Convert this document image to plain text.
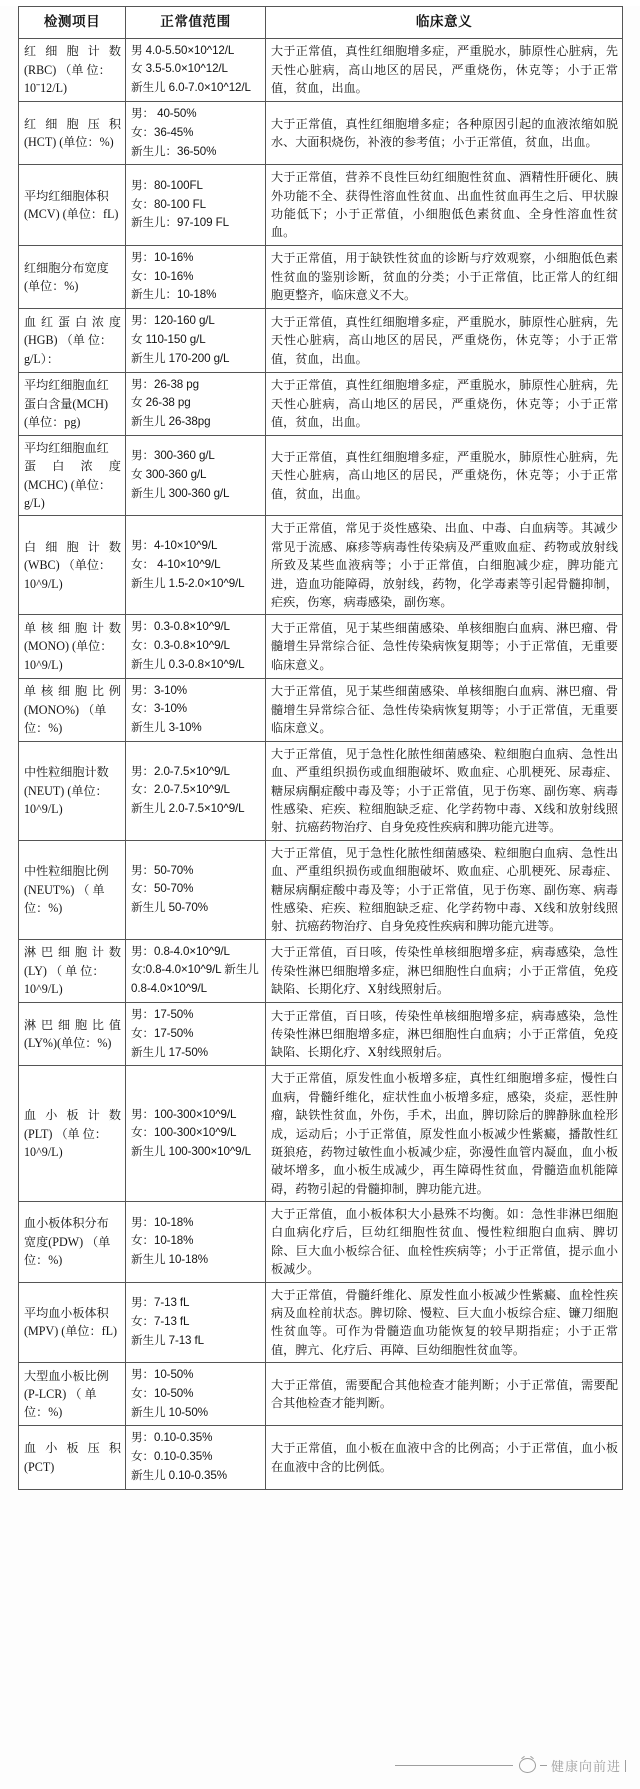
检测项目	正常值范围	临床意义

红 细 胞 计 数
(RBC) （单 位：
10ˉ12/L)	男 4.0-5.50×10^12/L
女 3.5-5.0×10^12/L
新生儿 6.0-7.0×10^12/L	大于正常值，真性红细胞增多症，严重脱水，肺原性心脏病，先天性心脏病，高山地区的居民，严重烧伤，休克等；小于正常值，贫血，出血。

红 细 胞 压 积
(HCT) (单位：%)	男： 40-50%
女：36-45%
新生儿：36-50%	大于正常值，真性红细胞增多症；各种原因引起的血液浓缩如脱水、大面积烧伤，补液的参考值；小于正常值，贫血，出血。

平均红细胞体积
(MCV) (单位：fL)	男：80-100FL
女：80-100 FL
新生儿：97-109 FL	大于正常值，营养不良性巨幼红细胞性贫血、酒精性肝硬化、胰外功能不全、获得性溶血性贫血、出血性贫血再生之后、甲状腺功能低下；小于正常值，小细胞低色素贫血、全身性溶血性贫血。

红细胞分布宽度
(单位：%)	男：10-16%
女：10-16%
新生儿：10-18%	大于正常值，用于缺铁性贫血的诊断与疗效观察，小细胞低色素性贫血的鉴别诊断，贫血的分类；小于正常值，比正常人的红细胞更整齐，临床意义不大。

血 红 蛋 白 浓 度
(HGB) （单 位：
g/L）：	男：120-160 g/L
女 110-150 g/L
新生儿 170-200 g/L	大于正常值，真性红细胞增多症，严重脱水，肺原性心脏病，先天性心脏病，高山地区的居民，严重烧伤，休克等；小于正常值，贫血，出血。

平均红细胞血红
蛋白含量(MCH)
(单位：pg)	男：26-38 pg
女 26-38 pg
新生儿 26-38pg	大于正常值，真性红细胞增多症，严重脱水，肺原性心脏病，先天性心脏病，高山地区的居民，严重烧伤，休克等；小于正常值，贫血，出血。

平均红细胞血红
蛋 白 浓 度
(MCHC) (单位：
g/L)	男：300-360 g/L
女 300-360 g/L
新生儿 300-360 g/L	大于正常值，真性红细胞增多症，严重脱水，肺原性心脏病，先天性心脏病，高山地区的居民，严重烧伤，休克等；小于正常值，贫血，出血。

白 细 胞 计 数
(WBC) （单位：
10^9/L)	男：4-10×10^9/L
女： 4-10×10^9/L
新生儿 1.5-2.0×10^9/L	大于正常值，常见于炎性感染、出血、中毒、白血病等。其减少常见于流感、麻疹等病毒性传染病及严重败血症、药物或放射线所致及某些血液病等；小于正常值，白细胞减少症，脾功能亢进，造血功能障碍，放射线，药物，化学毒素等引起骨髓抑制， 疟疾，伤寒，病毒感染，副伤寒。

单 核 细 胞 计 数
(MONO) (单位：
10^9/L)	男：0.3-0.8×10^9/L
女：0.3-0.8×10^9/L
新生儿 0.3-0.8×10^9/L	大于正常值，见于某些细菌感染、单核细胞白血病、淋巴瘤、骨髓增生异常综合征、急性传染病恢复期等；小于正常值，无重要临床意义。

单 核 细 胞 比 例
(MONO%) （单
位：%)	男：3-10%
女：3-10%
新生儿 3-10%	大于正常值，见于某些细菌感染、单核细胞白血病、淋巴瘤、骨髓增生异常综合征、急性传染病恢复期等；小于正常值，无重要临床意义。

中性粒细胞计数
(NEUT) (单位：
10^9/L)	男：2.0-7.5×10^9/L
女：2.0-7.5×10^9/L
新生儿 2.0-7.5×10^9/L	大于正常值，见于急性化脓性细菌感染、粒细胞白血病、急性出血、严重组织损伤或血细胞破坏、败血症、心肌梗死、尿毒症、糖尿病酮症酸中毒及等；小于正常值，见于伤寒、副伤寒、病毒性感染、疟疾、粒细胞缺乏症、化学药物中毒、X线和放射线照射、抗癌药物治疗、自身免疫性疾病和脾功能亢进等。

中性粒细胞比例
(NEUT%) （ 单
位：%)	男：50-70%
女：50-70%
新生儿 50-70%	大于正常值，见于急性化脓性细菌感染、粒细胞白血病、急性出血、严重组织损伤或血细胞破坏、败血症、心肌梗死、尿毒症、糖尿病酮症酸中毒及等；小于正常值，见于伤寒、副伤寒、病毒性感染、疟疾、粒细胞缺乏症、化学药物中毒、X线和放射线照射、抗癌药物治疗、自身免疫性疾病和脾功能亢进等。

淋 巴 细 胞 计 数
(LY) （ 单 位：
10^9/L)	男：0.8-4.0×10^9/L
女:0.8-4.0×10^9/L 新生儿
0.8-4.0×10^9/L	大于正常值，百日咳，传染性单核细胞增多症，病毒感染，急性传染性淋巴细胞增多症，淋巴细胞性白血病；小于正常值，免疫缺陷、长期化疗、X射线照射后。

淋 巴 细 胞 比 值
(LY%)(单位：%)	男：17-50%
女：17-50%
新生儿 17-50%	大于正常值，百日咳，传染性单核细胞增多症，病毒感染，急性传染性淋巴细胞增多症，淋巴细胞性白血病；小于正常值，免疫缺陷、长期化疗、X射线照射后。

血 小 板 计 数
(PLT) （单 位：
10^9/L)	男：100-300×10^9/L
女：100-300×10^9/L
新生儿 100-300×10^9/L	大于正常值，原发性血小板增多症，真性红细胞增多症，慢性白血病，骨髓纤维化，症状性血小板增多症，感染，炎症，恶性肿瘤，缺铁性贫血，外伤，手术，出血，脾切除后的脾静脉血栓形成，运动后；小于正常值，原发性血小板减少性紫癜，播散性红斑狼疮，药物过敏性血小板减少症，弥漫性血管内凝血，血小板破坏增多，血小板生成减少，再生障碍性贫血，骨髓造血机能障碍，药物引起的骨髓抑制，脾功能亢进。

血小板体积分布
宽度(PDW) （单
位：%)	男：10-18%
女：10-18%
新生儿 10-18%	大于正常值，血小板体积大小悬殊不均衡。如：急性非淋巴细胞白血病化疗后，巨幼红细胞性贫血、慢性粒细胞白血病、脾切除、巨大血小板综合征、血栓性疾病等；小于正常值，提示血小板减少。

平均血小板体积
(MPV) (单位：fL)	男：7-13 fL
女：7-13 fL
新生儿 7-13 fL	大于正常值，骨髓纤维化、原发性血小板减少性紫癜、血栓性疾病及血栓前状态。脾切除、慢粒、巨大血小板综合症、镰刀细胞性贫血等。可作为骨髓造血功能恢复的较早期指症；小于正常值，脾亢、化疗后、再障、巨幼细胞性贫血等。

大型血小板比例
(P-LCR) （ 单
位：%)	男：10-50%
女：10-50%
新生儿 10-50%	大于正常值，需要配合其他检查才能判断；小于正常值，需要配合其他检查才能判断。

血 小 板 压 积
(PCT)	男：0.10-0.35%
女：0.10-0.35%
新生儿 0.10-0.35%	大于正常值，血小板在血液中含的比例高；小于正常值，血小板在血液中含的比例低。
健康向前进
